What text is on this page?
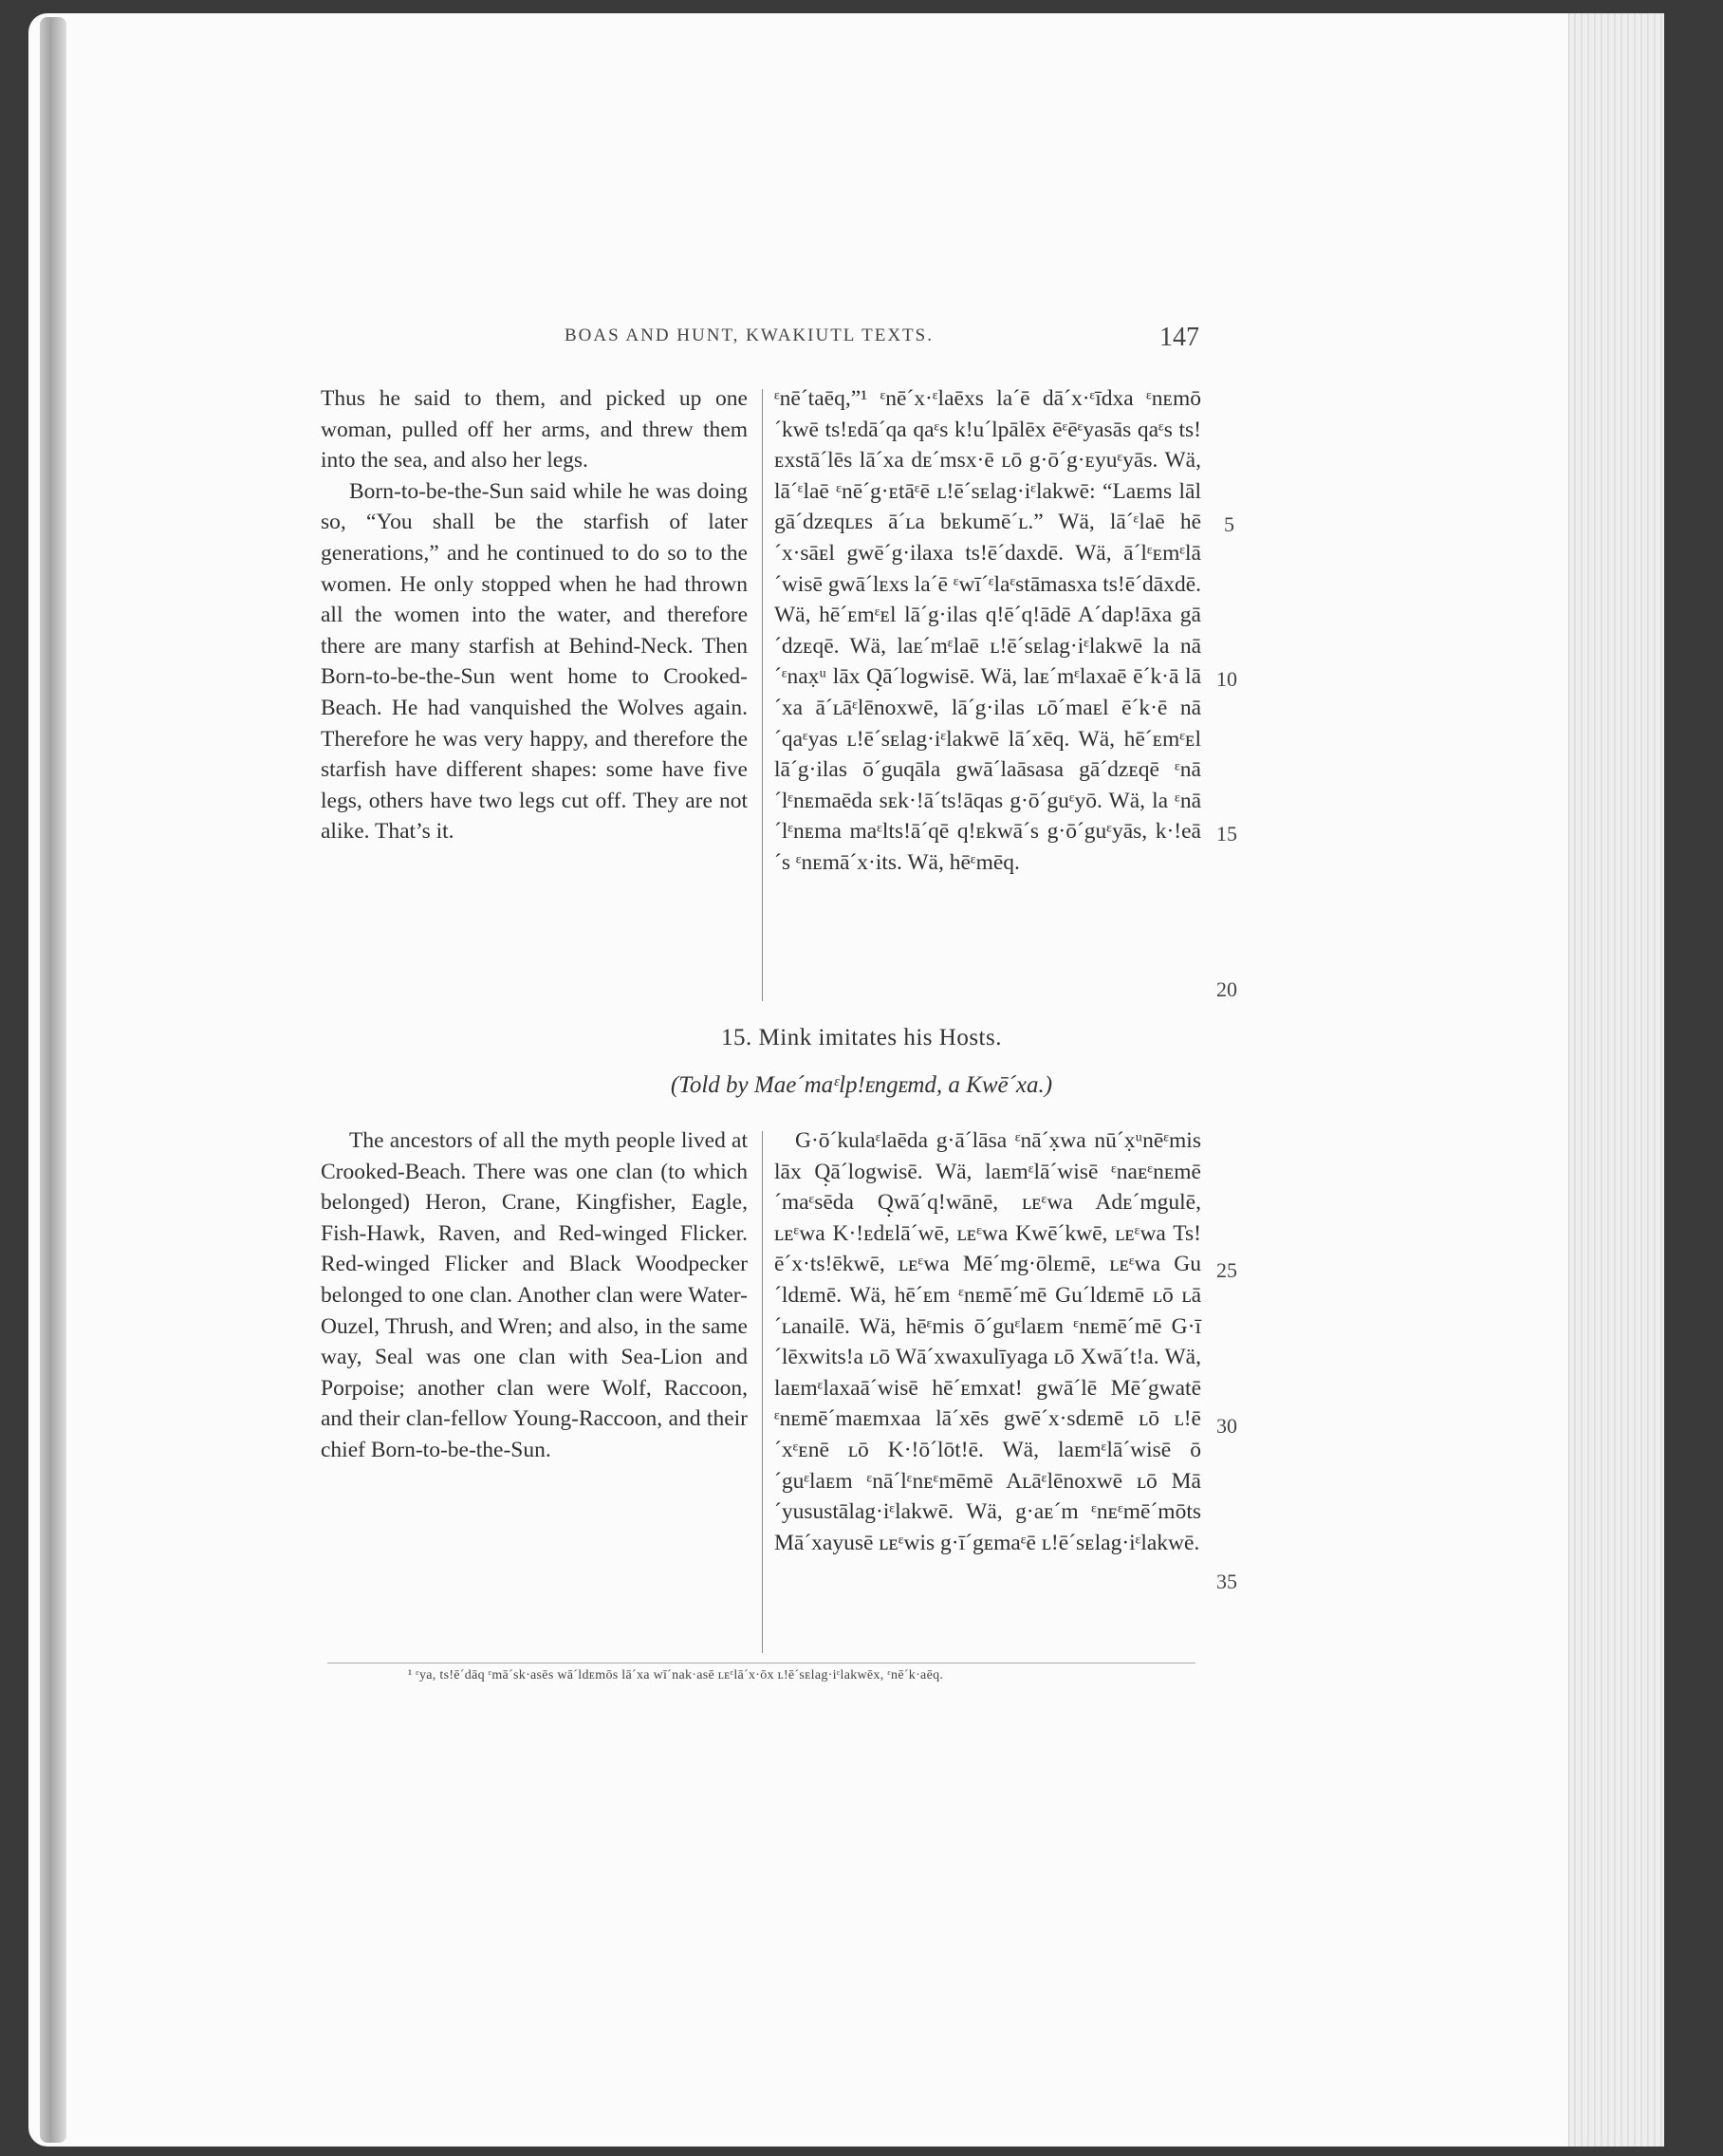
BOAS AND HUNT, KWAKIUTL TEXTS.	147

Thus he said to them, and picked up one woman, pulled off her arms, and threw them into the sea, and also her legs.

Born-to-be-the-Sun said while he was doing so, “You shall be the starfish of later generations,” and he continued to do so to the women. He only stopped when he had thrown all the women into the water, and therefore there are many starfish at Behind-Neck. Then Born-to-be-the-Sun went home to Crooked-Beach. He had vanquished the Wolves again. Therefore he was very happy, and therefore the starfish have different shapes: some have five legs, others have two legs cut off. They are not alike. That’s it.

ᵋnē´taēq,”¹ ᵋnē´x·ᵋlaēxs la´ē dā´x·ᵋīdxa ᵋnᴇmō´kwē ts!ᴇdā´qa qaᵋs k!u´lpālēx ēᵋēᵋyasās qaᵋs ts!ᴇxstā´lēs lā´xa dᴇ´msx·ē ʟō g·ō´g·ᴇyuᵋyās. Wä, lā´ᵋlaē ᵋnē´g·ᴇtāᵋē ʟ!ē´sᴇlag·iᵋlakwē: “Laᴇms lāl gā´dzᴇqʟᴇs ā´ʟa bᴇkumē´ʟ.” Wä, lā´ᵋlaē hē´x·sāᴇl gwē´g·ilaxa ts!ē´daxdē. Wä, ā´lᵋᴇmᵋlā´wisē gwā´lᴇxs la´ē ᵋwī´ᵋlaᵋstāmasxa ts!ē´dāxdē. Wä, hē´ᴇmᵋᴇl lā´g·ilas q!ē´q!ādē A´dap!āxa gā´dzᴇqē. Wä, laᴇ´mᵋlaē ʟ!ē´sᴇlag·iᵋlakwē la nā´ᵋnax̣ᵘ lāx Q̣ā´logwisē. Wä, laᴇ´mᵋlaxaē ē´k·ā lā´xa ā´ʟāᵋlēnoxwē, lā´g·ilas ʟō´maᴇl ē´k·ē nā´qaᵋyas ʟ!ē´sᴇlag·iᵋlakwē lā´xēq. Wä, hē´ᴇmᵋᴇl lā´g·ilas ō´guqāla gwā´laāsasa gā´dzᴇqē ᵋnā´lᵋnᴇmaēda sᴇk·!ā´ts!āqas g·ō´guᵋyō. Wä, la ᵋnā´lᵋnᴇma maᵋlts!ā´qē q!ᴇkwā´s g·ō´guᵋyās, k·!eā´s ᵋnᴇmā´x·its. Wä, hēᵋmēq.

5
10
15
20
15. Mink imitates his Hosts.
(Told by Mae´maᵋlp!ᴇngᴇmd, a Kwē´xa.)

The ancestors of all the myth people lived at Crooked-Beach. There was one clan (to which belonged) Heron, Crane, Kingfisher, Eagle, Fish-Hawk, Raven, and Red-winged Flicker. Red-winged Flicker and Black Woodpecker belonged to one clan. Another clan were Water-Ouzel, Thrush, and Wren; and also, in the same way, Seal was one clan with Sea-Lion and Porpoise; another clan were Wolf, Raccoon, and their clan-fellow Young-Raccoon, and their chief Born-to-be-the-Sun.

G·ō´kulaᵋlaēda g·ā´lāsa ᵋnā´x̣wa nū´x̣ᵘnēᵋmis lāx Q̣ā´logwisē. Wä, laᴇmᵋlā´wisē ᵋnaᴇᵋnᴇmē´maᵋsēda Q̣wā´q!wānē, ʟᴇᵋwa Adᴇ´mgulē, ʟᴇᵋwa K·!ᴇdᴇlā´wē, ʟᴇᵋwa Kwē´kwē, ʟᴇᵋwa Ts!ē´x·ts!ēkwē, ʟᴇᵋwa Mē´mg·ōlᴇmē, ʟᴇᵋwa Gu´ldᴇmē. Wä, hē´ᴇm ᵋnᴇmē´mē Gu´ldᴇmē ʟō ʟā´ʟanailē. Wä, hēᵋmis ō´guᵋlaᴇm ᵋnᴇmē´mē G·ī´lēxwits!a ʟō Wā´xwaxulīyaga ʟō Xwā´t!a. Wä, laᴇmᵋlaxaā´wisē hē´ᴇmxat! gwā´lē Mē´gwatē ᵋnᴇmē´maᴇmxaa lā´xēs gwē´x·sdᴇmē ʟō ʟ!ē´xᵋᴇnē ʟō K·!ō´lōt!ē. Wä, laᴇmᵋlā´wisē ō´guᵋlaᴇm ᵋnā´lᵋnᴇᵋmēmē Aʟāᵋlēnoxwē ʟō Mā´yusustālag·iᵋlakwē. Wä, g·aᴇ´m ᵋnᴇᵋmē´mōts Mā´xayusē ʟᴇᵋwis g·ī´gᴇmaᵋē ʟ!ē´sᴇlag·iᵋlakwē.

25
30
35
¹ ᵋya, ts!ē´dāq ᵋmā´sk·asēs wā´ldᴇmōs lā´xa wī´nak·asē ʟᴇᵋlā´x·ōx ʟ!ē´sᴇlag·iᵋlakwēx, ᵋnē´k·aēq.
